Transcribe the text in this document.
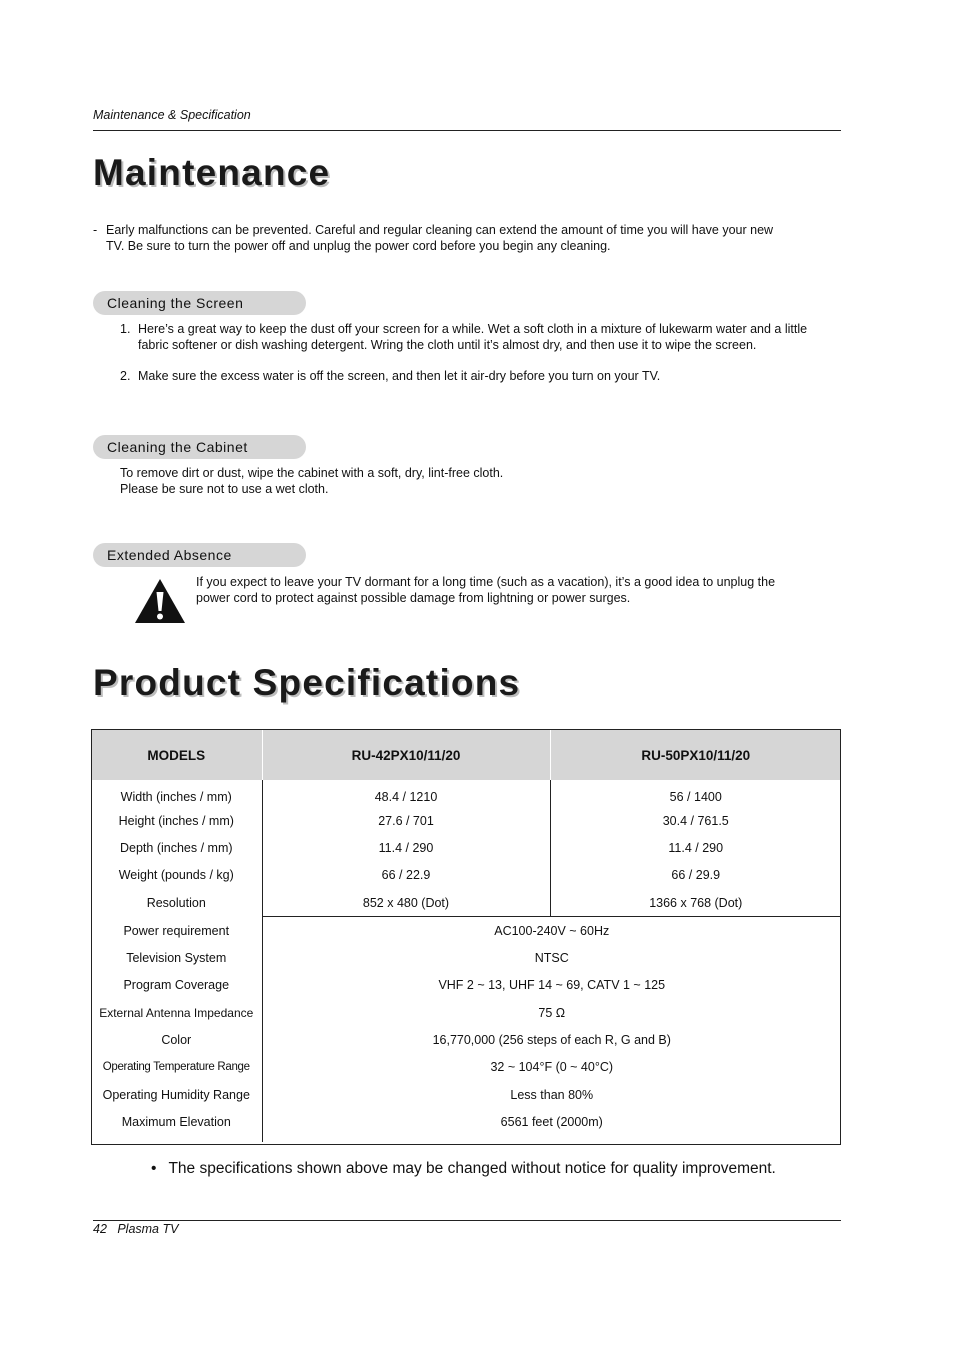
Maintenance & Specification
Maintenance
- Early malfunctions can be prevented. Careful and regular cleaning can extend the amount of time you will have your new TV. Be sure to turn the power off and unplug the power cord before you begin any cleaning.
Cleaning the Screen
1. Here’s a great way to keep the dust off your screen for a while. Wet a soft cloth in a mixture of lukewarm water and a little fabric softener or dish washing detergent. Wring the cloth until it’s almost dry, and then use it to wipe the screen.
2. Make sure the excess water is off the screen, and then let it air-dry before you turn on your TV.
Cleaning the Cabinet
To remove dirt or dust, wipe the cabinet with a soft, dry, lint-free cloth.
Please be sure not to use a wet cloth.
Extended Absence
If you expect to leave your TV dormant for a long time (such as a vacation), it’s a good idea to unplug the power cord to protect against possible damage from lightning or power surges.
Product Specifications
MODELS	RU-42PX10/11/20	RU-50PX10/11/20
Width (inches / mm)	48.4 / 1210	56 / 1400
Height (inches / mm)	27.6 / 701	30.4 / 761.5
Depth (inches / mm)	11.4 / 290	11.4 / 290
Weight (pounds / kg)	66 / 22.9	66 / 29.9
Resolution	852 x 480 (Dot)	1366 x 768 (Dot)
Power requirement	AC100-240V ~ 60Hz	
Television System	NTSC	
Program Coverage	VHF 2 ~ 13, UHF 14 ~ 69, CATV 1 ~ 125	
External Antenna Impedance	75 Ω	
Color	16,770,000 (256 steps of each R, G and B)	
Operating Temperature Range	32 ~ 104°F (0 ~ 40°C)	
Operating Humidity Range	Less than 80%	
Maximum Elevation	6561 feet (2000m)	
• The specifications shown above may be changed without notice for quality improvement.
42 Plasma TV
